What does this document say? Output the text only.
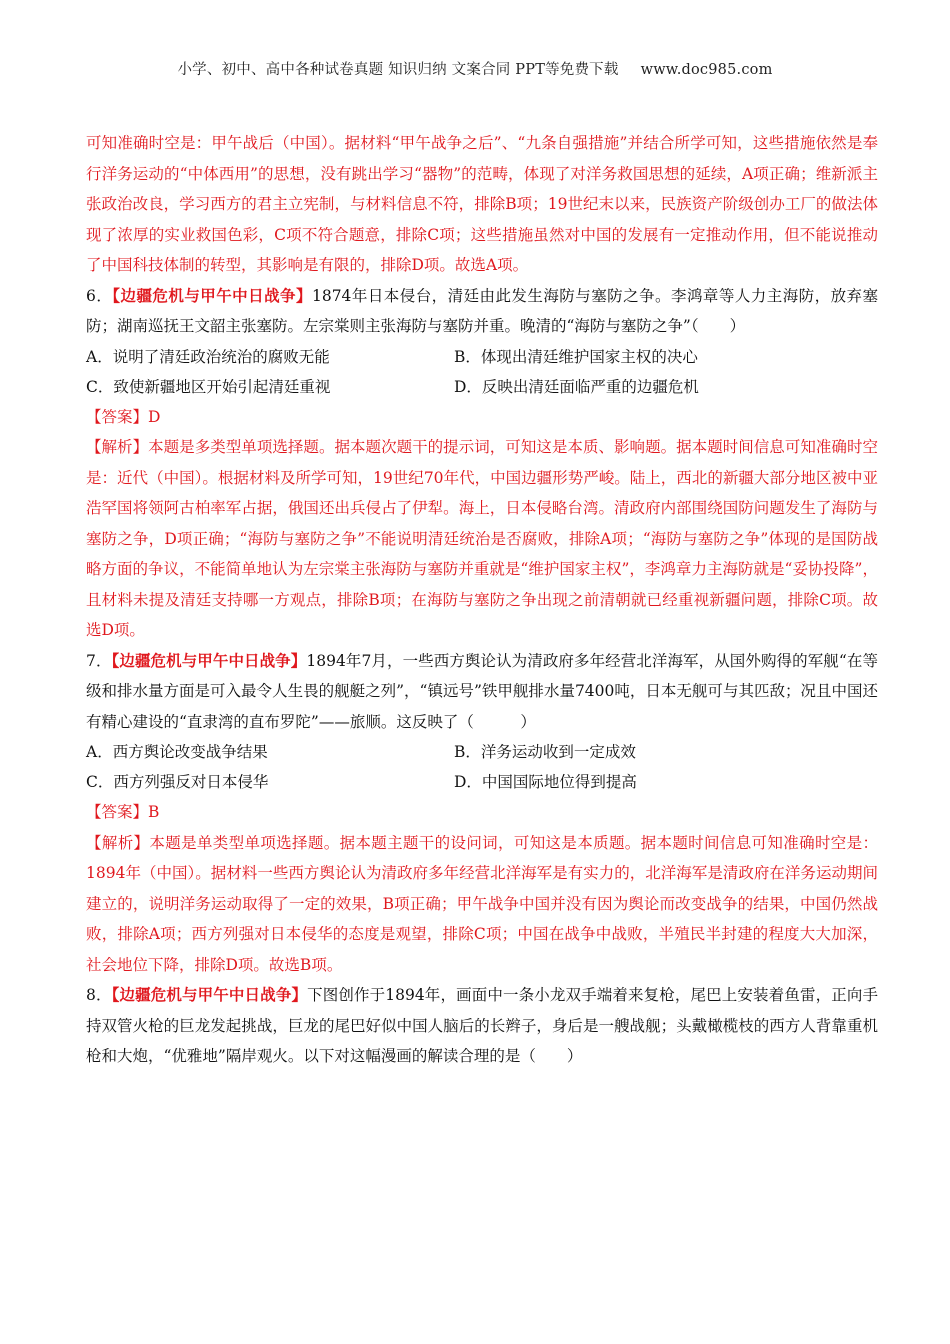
小学、初中、高中各种试卷真题 知识归纳 文案合同 PPT等免费下载 www.doc985.com
可知准确时空是：甲午战后（中国）。据材料“甲午战争之后”、“九条自强措施”并结合所学可知，这些措施依然是奉行洋务运动的“中体西用”的思想，没有跳出学习“器物”的范畴，体现了对洋务救国思想的延续，A项正确；维新派主张政治改良，学习西方的君主立宪制，与材料信息不符，排除B项；19世纪末以来，民族资产阶级创办工厂的做法体现了浓厚的实业救国色彩，C项不符合题意，排除C项；这些措施虽然对中国的发展有一定推动作用，但不能说推动了中国科技体制的转型，其影响是有限的，排除D项。故选A项。
6．【边疆危机与甲午中日战争】1874年日本侵台，清廷由此发生海防与塞防之争。李鸿章等人力主海防，放弃塞防；湖南巡抚王文韶主张塞防。左宗棠则主张海防与塞防并重。晚清的“海防与塞防之争”（　　）
A．说明了清廷政治统治的腐败无能	B．体现出清廷维护国家主权的决心
C．致使新疆地区开始引起清廷重视	D．反映出清廷面临严重的边疆危机
【答案】D
【解析】本题是多类型单项选择题。据本题次题干的提示词，可知这是本质、影响题。据本题时间信息可知准确时空是：近代（中国）。根据材料及所学可知，19世纪70年代，中国边疆形势严峻。陆上，西北的新疆大部分地区被中亚浩罕国将领阿古柏率军占据，俄国还出兵侵占了伊犁。海上，日本侵略台湾。清政府内部围绕国防问题发生了海防与塞防之争，D项正确；“海防与塞防之争”不能说明清廷统治是否腐败，排除A项；“海防与塞防之争”体现的是国防战略方面的争议，不能简单地认为左宗棠主张海防与塞防并重就是“维护国家主权”，李鸿章力主海防就是“妥协投降”，且材料未提及清廷支持哪一方观点，排除B项；在海防与塞防之争出现之前清朝就已经重视新疆问题，排除C项。故选D项。
7．【边疆危机与甲午中日战争】1894年7月，一些西方舆论认为清政府多年经营北洋海军，从国外购得的军舰“在等级和排水量方面是可入最令人生畏的舰艇之列”，“镇远号”铁甲舰排水量7400吨，日本无舰可与其匹敌；况且中国还有精心建设的“直隶湾的直布罗陀”——旅顺。这反映了（　　　）
A．西方舆论改变战争结果	B．洋务运动收到一定成效
C．西方列强反对日本侵华	D．中国国际地位得到提高
【答案】B
【解析】本题是单类型单项选择题。据本题主题干的设问词，可知这是本质题。据本题时间信息可知准确时空是：1894年（中国）。据材料一些西方舆论认为清政府多年经营北洋海军是有实力的，北洋海军是清政府在洋务运动期间建立的，说明洋务运动取得了一定的效果，B项正确；甲午战争中国并没有因为舆论而改变战争的结果，中国仍然战败，排除A项；西方列强对日本侵华的态度是观望，排除C项；中国在战争中战败，半殖民半封建的程度大大加深，社会地位下降，排除D项。故选B项。
8．【边疆危机与甲午中日战争】下图创作于1894年，画面中一条小龙双手端着来复枪，尾巴上安装着鱼雷，正向手持双管火枪的巨龙发起挑战，巨龙的尾巴好似中国人脑后的长辫子，身后是一艘战舰；头戴橄榄枝的西方人背靠重机枪和大炮，“优雅地”隔岸观火。以下对这幅漫画的解读合理的是（　　）
